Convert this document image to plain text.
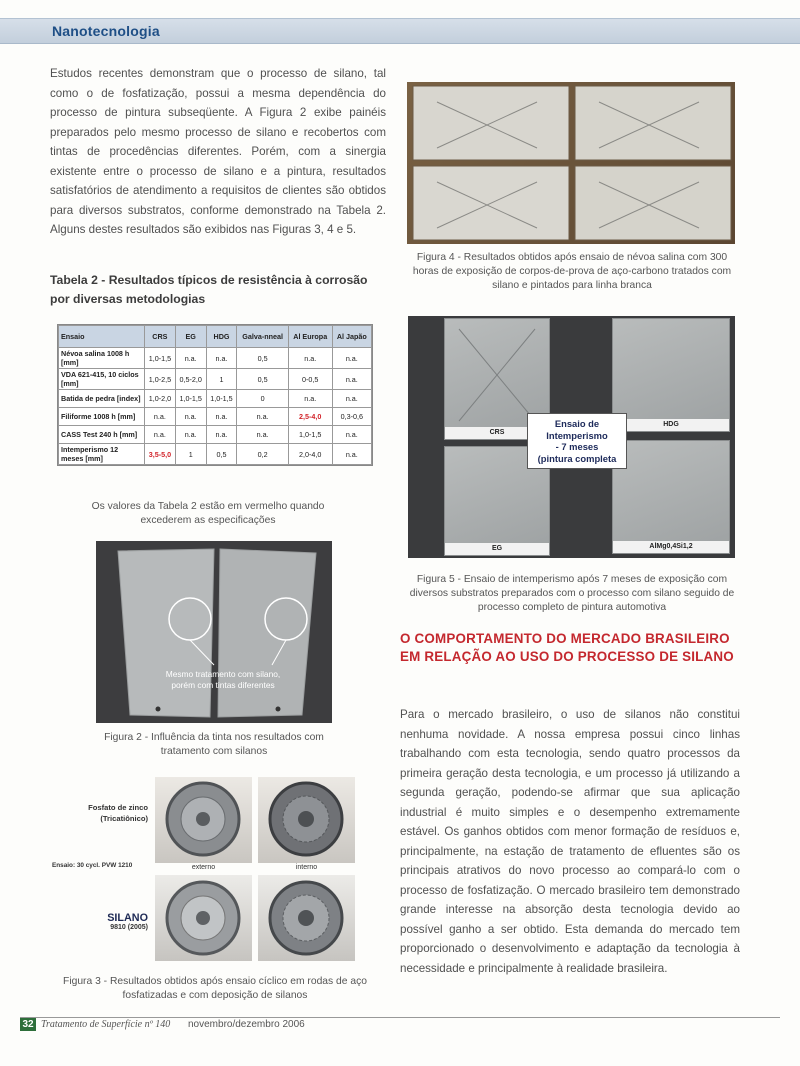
Nanotecnologia
Estudos recentes demonstram que o processo de silano, tal como o de fosfatização, possui a mesma dependência do processo de pintura subseqüente. A Figura 2 exibe painéis preparados pelo mesmo processo de silano e recobertos com tintas de procedências diferentes. Porém, com a sinergia existente entre o processo de silano e a pintura, resultados satisfatórios de atendimento a requisitos de clientes são obtidos para diversos substratos, conforme demonstrado na Tabela 2. Alguns destes resultados são exibidos nas Figuras 3, 4 e 5.
Tabela 2 - Resultados típicos de resistência à corrosão por diversas metodologias
Ensaio	CRS	EG	HDG	Galva-nneal	Al Europa	Al Japão
Névoa salina 1008 h [mm]	1,0-1,5	n.a.	n.a.	0,5	n.a.	n.a.
VDA 621-415, 10 ciclos [mm]	1,0-2,5	0,5-2,0	1	0,5	0-0,5	n.a.
Batida de pedra [index]	1,0-2,0	1,0-1,5	1,0-1,5	0	n.a.	n.a.
Filiforme 1008 h [mm]	n.a.	n.a.	n.a.	n.a.	2,5-4,0	0,3-0,6
CASS Test 240 h [mm]	n.a.	n.a.	n.a.	n.a.	1,0-1,5	n.a.
Intemperismo 12 meses [mm]	3,5-5,0	1	0,5	0,2	2,0-4,0	n.a.
Os valores da Tabela 2 estão em vermelho quando excederem as especificações
Mesmo tratamento com silano,
porém com tintas diferentes
Figura 2 - Influência da tinta nos resultados com tratamento com silanos
Fosfato de zinco (Tricatiônico)
Ensaio: 30 cycl. PVW 1210
SILANO
9810 (2005)
externo	interno
Figura 3 - Resultados obtidos após ensaio cíclico em rodas de aço fosfatizadas e com deposição de silanos
Figura 4 - Resultados obtidos após ensaio de névoa salina com 300 horas de exposição de corpos-de-prova de aço-carbono tratados com silano e pintados para linha branca
CRS
HDG
EG	AlMg0,4Si1,2
Ensaio de
Intemperismo
- 7 meses
(pintura completa
Figura 5 - Ensaio de intemperismo após 7 meses de exposição com diversos substratos preparados com o processo com silano seguido de processo completo de pintura automotiva
O COMPORTAMENTO DO MERCADO BRASILEIRO EM RELAÇÃO AO USO DO PROCESSO DE SILANO
Para o mercado brasileiro, o uso de silanos não constitui nenhuma novidade. A nossa empresa possui cinco linhas trabalhando com esta tecnologia, sendo quatro processos da primeira geração desta tecnologia, e um processo já utilizando a segunda geração, podendo-se afirmar que sua aplicação industrial é muito simples e o desempenho extremamente estável. Os ganhos obtidos com menor formação de resíduos e, principalmente, na estação de tratamento de efluentes são os principais atrativos do novo processo ao compará-lo com o processo de fosfatização. O mercado brasileiro tem demonstrado grande interesse na absorção desta tecnologia devido ao possível ganho a ser obtido. Esta demanda do mercado tem proporcionado o desenvolvimento e adaptação da tecnologia à necessidade e principalmente à realidade brasileira.
32 Tratamento de Superfície nº 140 novembro/dezembro 2006
